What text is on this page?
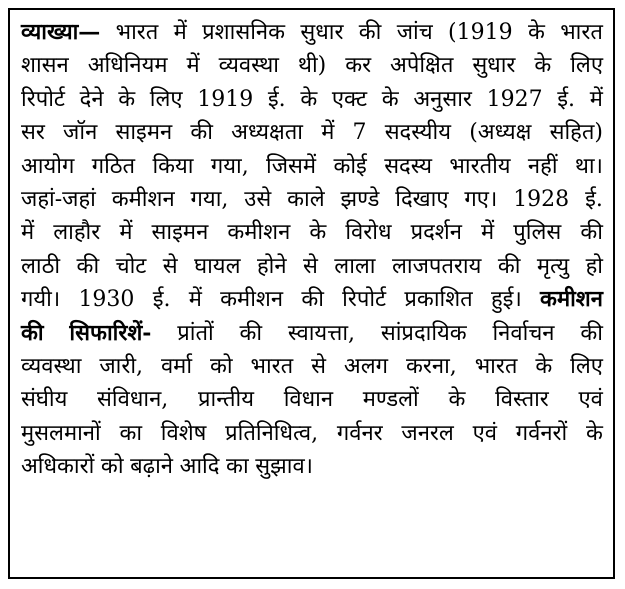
व्याख्या— भारत में प्रशासनिक सुधार की जांच (1919 के भारत
शासन अधिनियम में व्यवस्था थी) कर अपेक्षित सुधार के लिए
रिपोर्ट देने के लिए 1919 ई. के एक्ट के अनुसार 1927 ई. में
सर जॉन साइमन की अध्यक्षता में 7 सदस्यीय (अध्यक्ष सहित)
आयोग गठित किया गया, जिसमें कोई सदस्य भारतीय नहीं था।
जहां-जहां कमीशन गया, उसे काले झण्डे दिखाए गए। 1928 ई.
में लाहौर में साइमन कमीशन के विरोध प्रदर्शन में पुलिस की
लाठी की चोट से घायल होने से लाला लाजपतराय की मृत्यु हो
गयी। 1930 ई. में कमीशन की रिपोर्ट प्रकाशित हुई। कमीशन
की सिफारिशें- प्रांतों की स्वायत्ता, सांप्रदायिक निर्वाचन की
व्यवस्था जारी, वर्मा को भारत से अलग करना, भारत के लिए
संघीय संविधान, प्रान्तीय विधान मण्डलों के विस्तार एवं
मुसलमानों का विशेष प्रतिनिधित्व, गर्वनर जनरल एवं गर्वनरों के
अधिकारों को बढ़ाने आदि का सुझाव।
